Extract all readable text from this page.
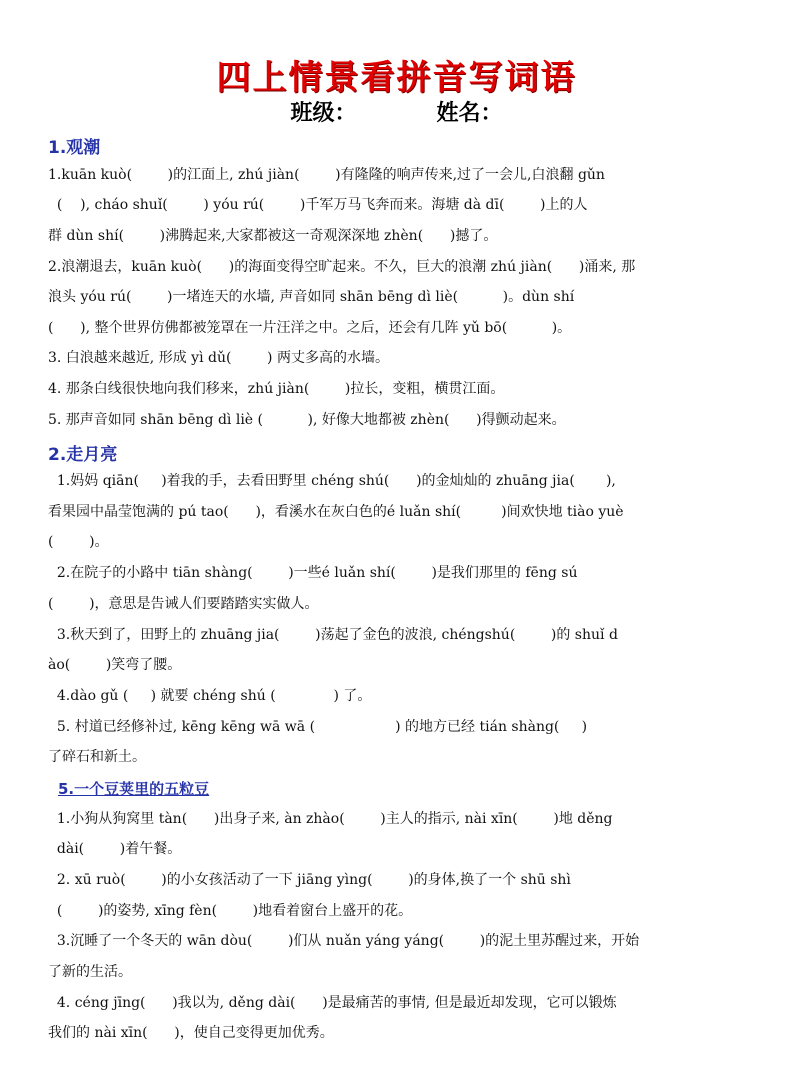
四上情景看拼音写词语
班级：	姓名：
1.观潮
1.kuān kuò(        )的江面上, zhú jiàn(        )有隆隆的响声传来,过了一会儿,白浪翻 gǔn
(    ), cháo shuǐ(        ) yóu rú(        )千军万马飞奔而来。海塘 dà dī(        )上的人
群 dùn shí(        )沸腾起来,大家都被这一奇观深深地 zhèn(      )撼了。
2.浪潮退去，kuān kuò(      )的海面变得空旷起来。不久，巨大的浪潮 zhú jiàn(      )涌来, 那
浪头 yóu rú(        )一堵连天的水墙, 声音如同 shān bēng dì liè(          )。dùn shí
(      ), 整个世界仿佛都被笼罩在一片汪洋之中。之后，还会有几阵 yǔ bō(          )。
3. 白浪越来越近, 形成 yì dǔ(        ) 两丈多高的水墙。
4. 那条白线很快地向我们移来，zhú jiàn(        )拉长，变粗，横贯江面。
5. 那声音如同 shān bēng dì liè (          ), 好像大地都被 zhèn(      )得颤动起来。
2.走月亮
1.妈妈 qiān(     )着我的手，去看田野里 chéng shú(      )的金灿灿的 zhuāng jia(       ),
看果园中晶莹饱满的 pú tao(      )，看溪水在灰白色的é luǎn shí(         )间欢快地 tiào yuè
(        )。
2.在院子的小路中 tiān shàng(        )一些é luǎn shí(        )是我们那里的 fēng sú
(        )，意思是告诫人们要踏踏实实做人。
3.秋天到了，田野上的 zhuāng jia(        )荡起了金色的波浪, chéngshú(        )的 shuǐ d
ào(        )笑弯了腰。
4.dào gǔ (     ) 就要 chéng shú (             ) 了。
5. 村道已经修补过, kēng kēng wā wā (                  ) 的地方已经 tián shàng(     )
了碎石和新土。
5.一个豆荚里的五粒豆
1.小狗从狗窝里 tàn(      )出身子来, àn zhào(        )主人的指示, nài xīn(        )地 děng
dài(        )着午餐。
2. xū ruò(        )的小女孩活动了一下 jiāng yìng(        )的身体,换了一个 shū shì
(        )的姿势, xīng fèn(        )地看着窗台上盛开的花。
3.沉睡了一个冬天的 wān dòu(        )们从 nuǎn yáng yáng(        )的泥土里苏醒过来，开始
了新的生活。
4. céng jīng(      )我以为, děng dài(      )是最痛苦的事情, 但是最近却发现，它可以锻炼
我们的 nài xīn(      )，使自己变得更加优秀。
